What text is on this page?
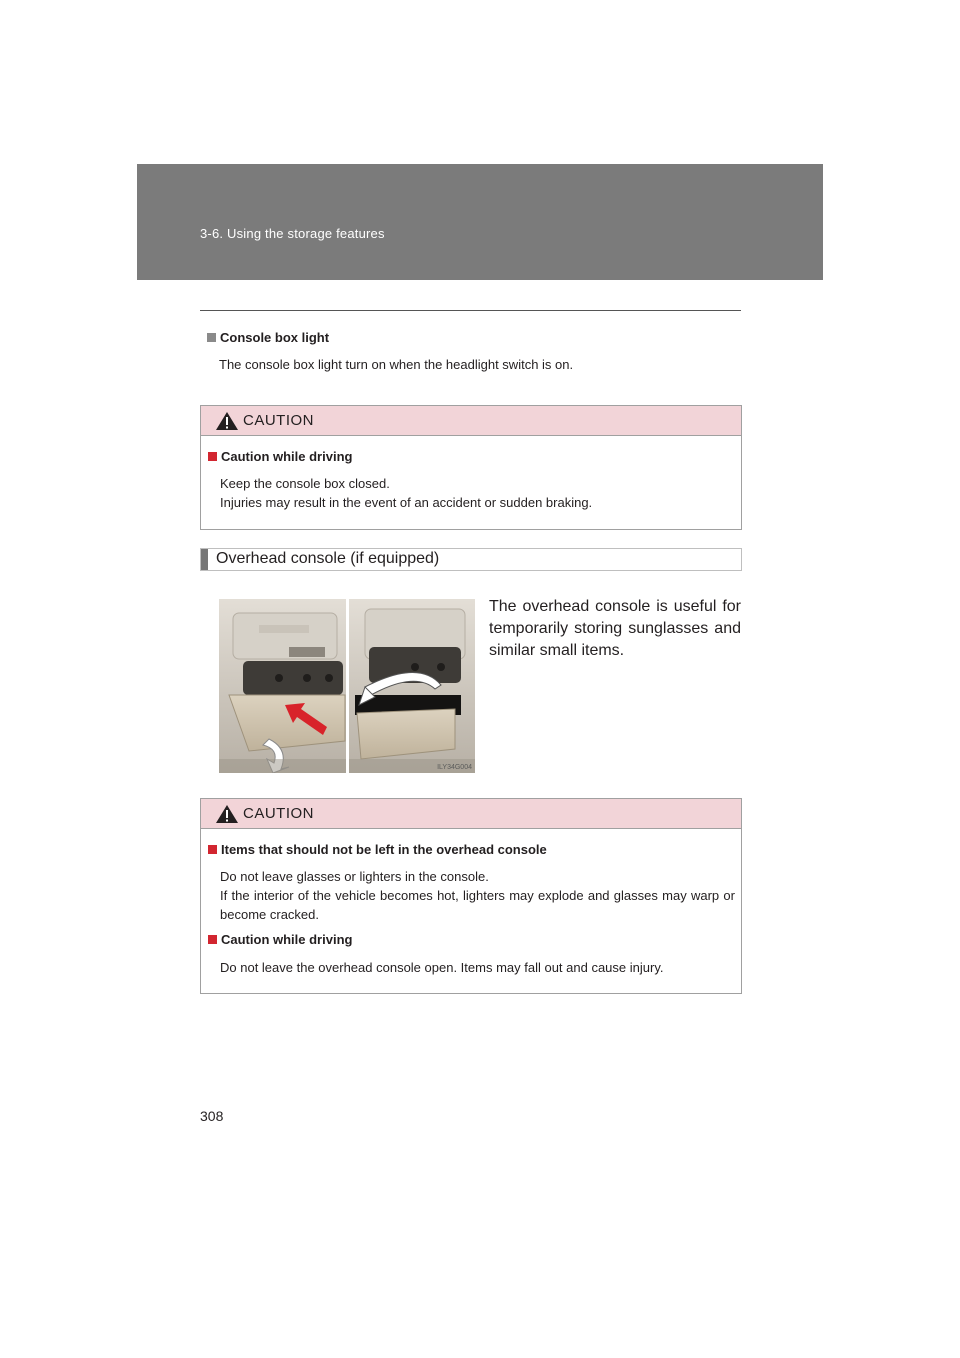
3-6. Using the storage features
Console box light
The console box light turn on when the headlight switch is on.
CAUTION
Caution while driving
Keep the console box closed.
Injuries may result in the event of an accident or sudden braking.
Overhead console (if equipped)
ILY34G004
The overhead console is useful for temporarily storing sunglasses and similar small items.
CAUTION
Items that should not be left in the overhead console
Do not leave glasses or lighters in the console.
If the interior of the vehicle becomes hot, lighters may explode and glasses may warp or become cracked.
Caution while driving
Do not leave the overhead console open. Items may fall out and cause injury.
308
